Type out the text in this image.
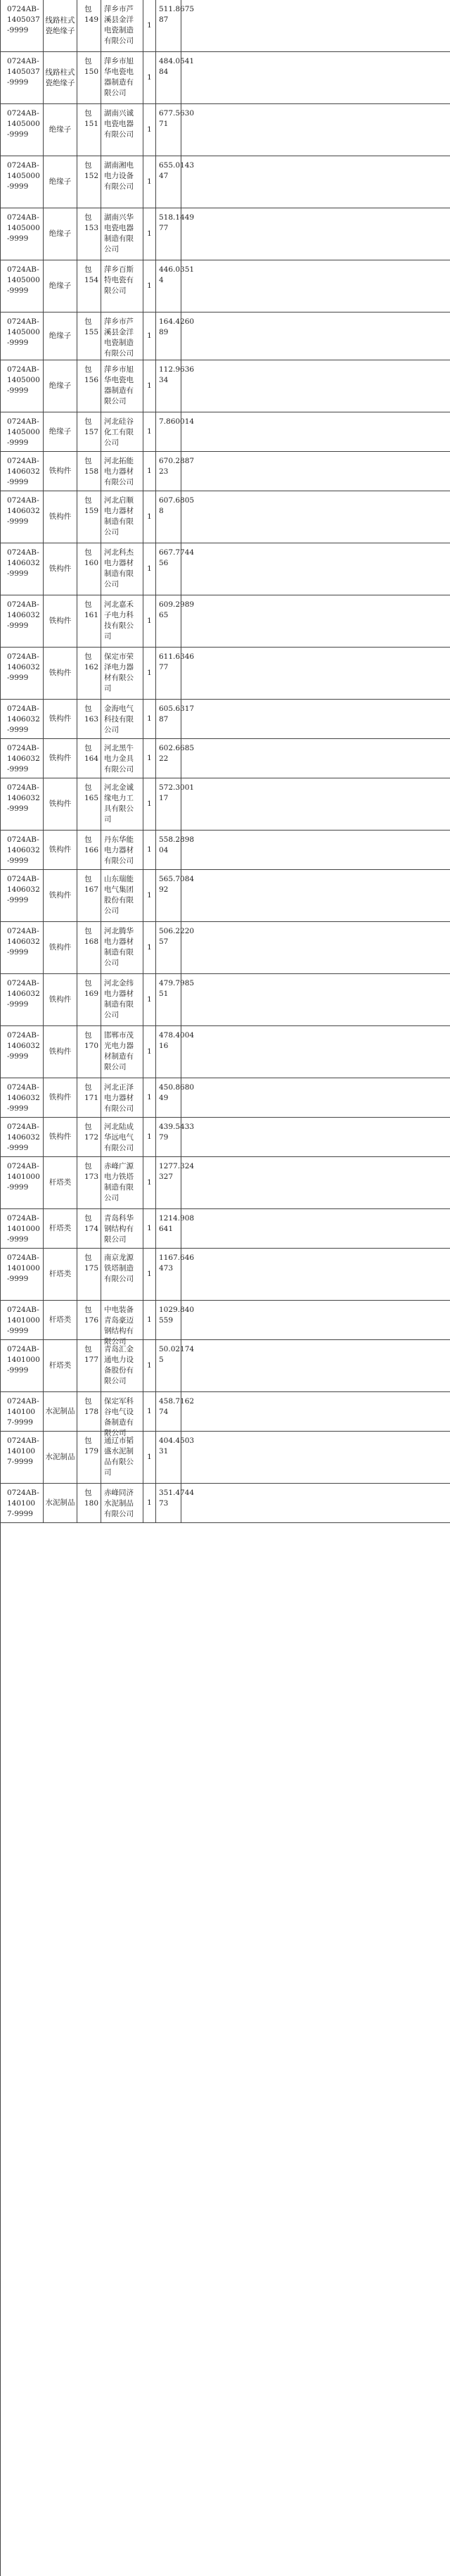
0724AB-
1405037
-9999
线路柱式瓷绝缘子
包
149
萍乡市芦
溪县金洋
电瓷制造
有限公司
1
511.8675
87
0724AB-
1405037
-9999
线路柱式瓷绝缘子
包
150
萍乡市旭
华电瓷电
器制造有
限公司
1
484.0541
84
0724AB-
1405000
-9999
绝缘子
包
151
湖南兴诚
电瓷电器
有限公司
1
677.5630
71
0724AB-
1405000
-9999
绝缘子
包
152
湖南湘电
电力设备
有限公司
1
655.0143
47
0724AB-
1405000
-9999
绝缘子
包
153
湖南兴华
电瓷电器
制造有限
公司
1
518.1449
77
0724AB-
1405000
-9999
绝缘子
包
154
萍乡百斯
特电瓷有
限公司
1
446.0351
4
0724AB-
1405000
-9999
绝缘子
包
155
萍乡市芦
溪县金洋
电瓷制造
有限公司
1
164.4260
89
0724AB-
1405000
-9999
绝缘子
包
156
萍乡市旭
华电瓷电
器制造有
限公司
1
112.9636
34
0724AB-
1405000
-9999
绝缘子
包
157
河北硅谷
化工有限
公司
1
7.860014
0724AB-
1406032
-9999
铁构件
包
158
河北拓能
电力器材
有限公司
1
670.2887
23
0724AB-
1406032
-9999
铁构件
包
159
河北启顺
电力器材
制造有限
公司
1
607.6805
8
0724AB-
1406032
-9999
铁构件
包
160
河北科杰
电力器材
制造有限
公司
1
667.7744
56
0724AB-
1406032
-9999
铁构件
包
161
河北嘉禾
子电力科
技有限公
司
1
609.2989
65
0724AB-
1406032
-9999
铁构件
包
162
保定市荣
泽电力器
材有限公
司
1
611.6346
77
0724AB-
1406032
-9999
铁构件
包
163
金海电气
科技有限
公司
1
605.6317
87
0724AB-
1406032
-9999
铁构件
包
164
河北黑牛
电力金具
有限公司
1
602.6685
22
0724AB-
1406032
-9999
铁构件
包
165
河北金诚
缘电力工
具有限公
司
1
572.3001
17
0724AB-
1406032
-9999
铁构件
包
166
丹东华能
电力器材
有限公司
1
558.2898
04
0724AB-
1406032
-9999
铁构件
包
167
山东瑞能
电气集团
股份有限
公司
1
565.7084
92
0724AB-
1406032
-9999
铁构件
包
168
河北腾华
电力器材
制造有限
公司
1
506.2220
57
0724AB-
1406032
-9999
铁构件
包
169
河北金纬
电力器材
制造有限
公司
1
479.7985
51
0724AB-
1406032
-9999
铁构件
包
170
邯郸市茂
光电力器
材制造有
限公司
1
478.4004
16
0724AB-
1406032
-9999
铁构件
包
171
河北正泽
电力器材
有限公司
1
450.8680
49
0724AB-
1406032
-9999
铁构件
包
172
河北陆成
华远电气
有限公司
1
439.5433
79
0724AB-
1401000
-9999
杆塔类
包
173
赤峰广源
电力铁塔
制造有限
公司
1
1277.324
327
0724AB-
1401000
-9999
杆塔类
包
174
青岛科华
钢结构有
限公司
1
1214.908
641
0724AB-
1401000
-9999
杆塔类
包
175
南京龙源
铁塔制造
有限公司
1
1167.646
473
0724AB-
1401000
-9999
杆塔类
包
176
中电装备
青岛豪迈
钢结构有
限公司
1
1029.840
559
0724AB-
1401000
-9999
杆塔类
包
177
青岛汇金
通电力设
备股份有
限公司
1
50.02174
5
0724AB-
140100
7-9999
水泥制品
包
178
保定军科
谷电气设
备制造有
限公司
1
458.7162
74
0724AB-
140100
7-9999
水泥制品
包
179
通辽市韬
盛水泥制
品有限公
司
1
404.4503
31
0724AB-
140100
7-9999
水泥制品
包
180
赤峰同济
水泥制品
有限公司
1
351.4744
73
